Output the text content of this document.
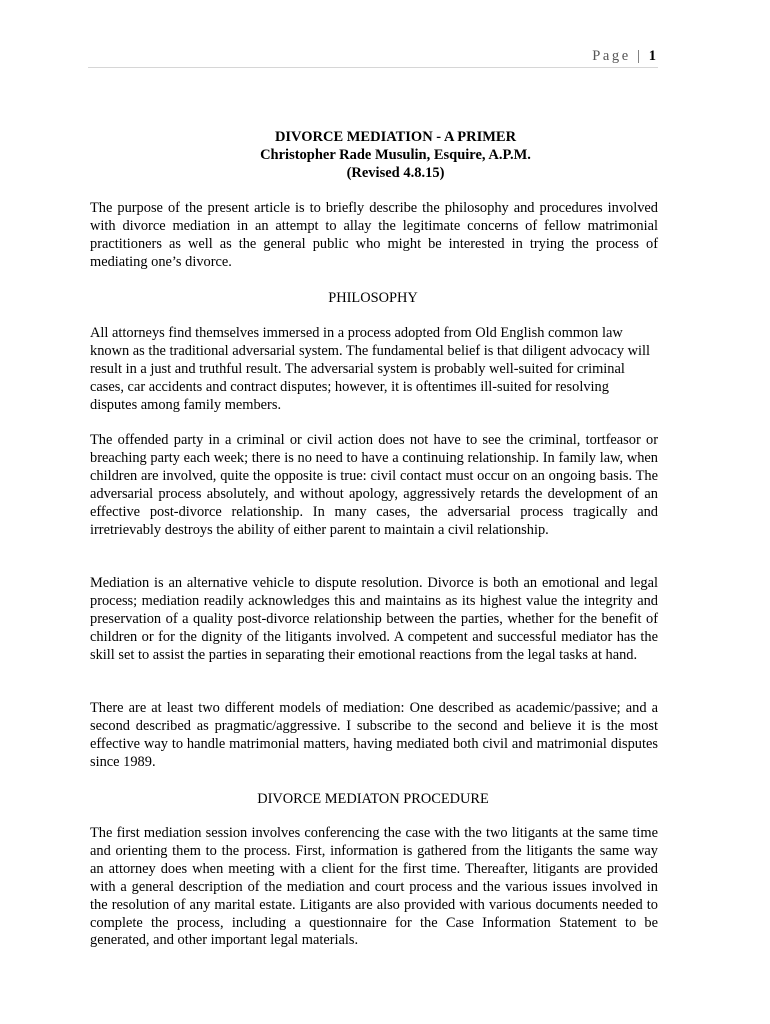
Page | 1
DIVORCE MEDIATION - A PRIMER
Christopher Rade Musulin, Esquire, A.P.M.
(Revised 4.8.15)

The purpose of the present article is to briefly describe the philosophy and procedures involved with divorce mediation in an attempt to allay the legitimate concerns of fellow matrimonial practitioners as well as the general public who might be interested in trying the process of mediating one’s divorce.

PHILOSOPHY

All attorneys find themselves immersed in a process adopted from Old English common law known as the traditional adversarial system. The fundamental belief is that diligent advocacy will result in a just and truthful result. The adversarial system is probably well-suited for criminal cases, car accidents and contract disputes; however, it is oftentimes ill-suited for resolving disputes among family members.

The offended party in a criminal or civil action does not have to see the criminal, tortfeasor or breaching party each week; there is no need to have a continuing relationship. In family law, when children are involved, quite the opposite is true: civil contact must occur on an ongoing basis. The adversarial process absolutely, and without apology, aggressively retards the development of an effective post-divorce relationship. In many cases, the adversarial process tragically and irretrievably destroys the ability of either parent to maintain a civil relationship.

Mediation is an alternative vehicle to dispute resolution. Divorce is both an emotional and legal process; mediation readily acknowledges this and maintains as its highest value the integrity and preservation of a quality post-divorce relationship between the parties, whether for the benefit of children or for the dignity of the litigants involved. A competent and successful mediator has the skill set to assist the parties in separating their emotional reactions from the legal tasks at hand.

There are at least two different models of mediation: One described as academic/passive; and a second described as pragmatic/aggressive. I subscribe to the second and believe it is the most effective way to handle matrimonial matters, having mediated both civil and matrimonial disputes since 1989.

DIVORCE MEDIATON PROCEDURE

The first mediation session involves conferencing the case with the two litigants at the same time and orienting them to the process. First, information is gathered from the litigants the same way an attorney does when meeting with a client for the first time. Thereafter, litigants are provided with a general description of the mediation and court process and the various issues involved in the resolution of any marital estate. Litigants are also provided with various documents needed to complete the process, including a questionnaire for the Case Information Statement to be generated, and other important legal materials.
